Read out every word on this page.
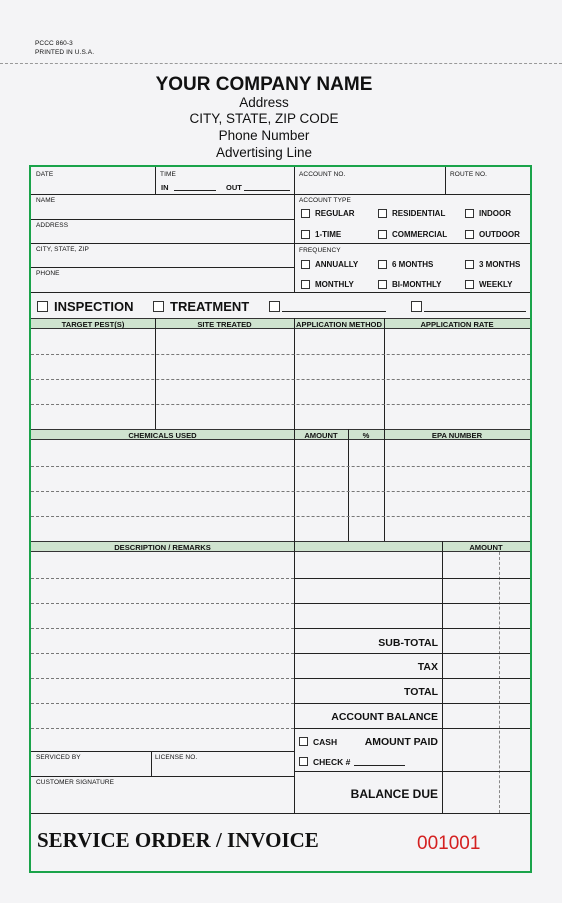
PCCC 860-3
PRINTED IN U.S.A.
YOUR COMPANY NAME
Address
CITY, STATE, ZIP CODE
Phone Number
Advertising Line
DATE	TIME
IN	OUT
ACCOUNT NO.	ROUTE NO.
NAME
ADDRESS
CITY, STATE, ZIP
PHONE
ACCOUNT TYPE
REGULAR	RESIDENTIAL	INDOOR
1-TIME	COMMERCIAL	OUTDOOR
FREQUENCY
ANNUALLY	6 MONTHS	3 MONTHS
MONTHLY	BI-MONTHLY	WEEKLY
INSPECTION	TREATMENT
TARGET PEST(S)	SITE TREATED	APPLICATION METHOD	APPLICATION RATE
CHEMICALS USED	AMOUNT	%	EPA NUMBER
DESCRIPTION / REMARKS	AMOUNT
SUB-TOTAL
TAX
TOTAL
ACCOUNT BALANCE
CASH	AMOUNT PAID
CHECK #
BALANCE DUE
SERVICED BY	LICENSE NO.
CUSTOMER SIGNATURE
SERVICE ORDER / INVOICE	001001
